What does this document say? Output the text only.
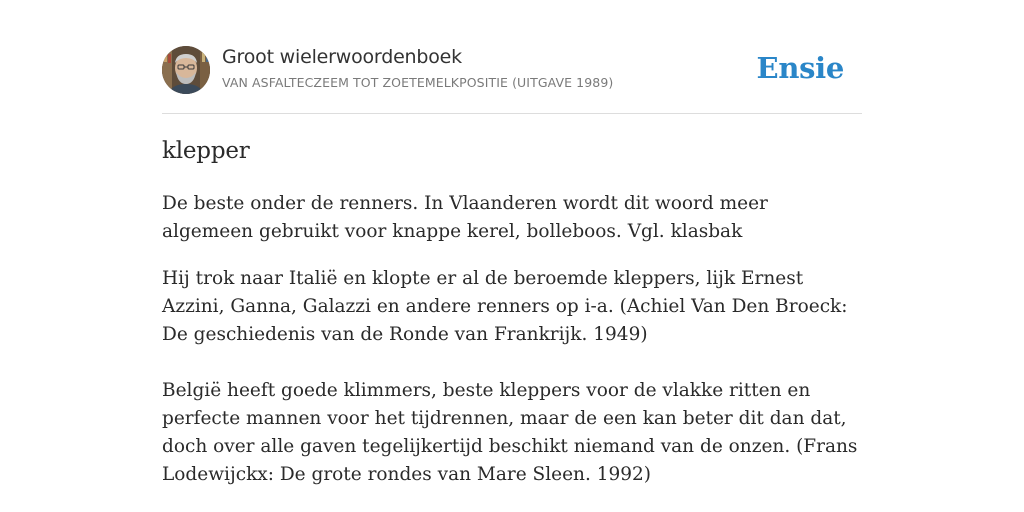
Groot wielerwoordenboek
VAN ASFALTECZEEM TOT ZOETEMELKPOSITIE (UITGAVE 1989)	Ensie
klepper

De beste onder de renners. In Vlaanderen wordt dit woord meer algemeen gebruikt voor knappe kerel, bolleboos. Vgl. klasbak

Hij trok naar Italië en klopte er al de beroemde kleppers, lijk Ernest Azzini, Ganna, Galazzi en andere renners op i-a. (Achiel Van Den Broeck: De geschiedenis van de Ronde van Frankrijk. 1949)

België heeft goede klimmers, beste kleppers voor de vlakke ritten en perfecte mannen voor het tijdrennen, maar de een kan beter dit dan dat, doch over alle gaven tegelijkertijd beschikt niemand van de onzen. (Frans Lodewijckx: De grote rondes van Mare Sleen. 1992)
